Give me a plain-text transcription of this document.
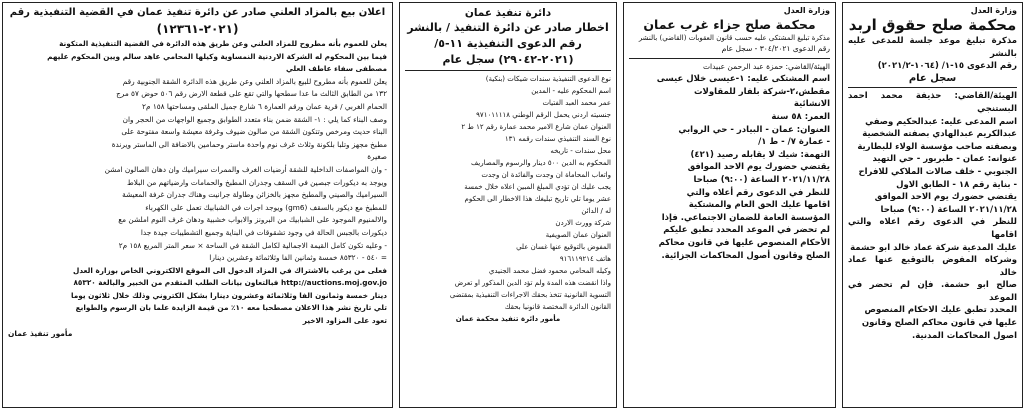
وزارة العدل
محكمة صلح حقوق اربد
مذكرة تبليغ موعد جلسة للمدعى عليه بالنشر
رقم الدعوى ١٥-١/ (١٠٦٤-٢٠٢١/٢)
سجل عام
الهيئة/القاضي: حذيفة محمد احمد البستنجي
اسم المدعى عليه: عبدالحكيم وصفي
عبدالكريم عبدالهادي بصفته الشخصية
وبصفته صاحب مؤسسة الولاء للبطارية
عنوانه: عمان - طبربور - حي التهيد
الجنوبي - خلف صالات الملاكي للافراح
- بناية رقم ١٨ - الطابق الاول
يقتضي حضورك يوم الاحد الموافق
٢٠٢١/١١/٢٨ الساعة (٩:٠٠) صباحا
للنظر في الدعوى رقم اعلاه والتي اقامها
عليك المدعية شركة عماد خالد ابو حشمة
وشركاه المفوض بالتوقيع عنها عماد خالد
صالح ابو حشمة. فإن لم تحضر في الموعد
المحدد تطبق عليك الاحكام المنصوص
عليها في قانون محاكم الصلح وقانون
اصول المحاكمات المدنية.
وزارة العدل
محكمة صلح جزاء غرب عمان
مذكرة تبليغ المشتكى عليه حسب قانون العقوبات (القاضي) بالنشر
رقم الدعوى ٣٠٤/٢٠٢١ - سجل عام
الهيئة/القاضي: حمزة عبد الرحمن عبيدات
اسم المشتكى عليه: ١-عيسى خلال عيسى
مقطش،٢-شركة بلفار للمقاولات
الانشائية
العمر: ٥٨ سنة
العنوان: عمان - البيادر - حي الروابي
- عمارة ٧/ - ط ١/
التهمة: شيك لا يقابله رصيد (٤٢١)
يقتضي حضورك يوم الاحد الموافق
٢٠٢١/١١/٢٨ الساعة (٩:٠٠) صباحا
للنظر في الدعوى رقم أعلاه والتي
اقامها عليك الحق العام والمشتكية
المؤسسة العامة للضمان الاجتماعي. فإذا
لم تحضر في الموعد المحدد تطبق عليكم
الأحكام المنصوص عليها في قانون محاكم
الصلح وقانون أصول المحاكمات الجزائية.
دائرة تنفيذ عمان
اخطار صادر عن دائرة التنفيذ / بالنشر
رقم الدعوى التنفيذية ١١-٥/
(٢٠٢١-٢٩٠٤٢) سجل عام
نوع الدعوى التنفيذية سندات شيكات (بنكية)
اسم المحكوم عليه - المدين
عمر محمد العبد الفتيات
جنسيته اردني يحمل الرقم الوطني ٩٧١٠١١١١٨
العنوان عمان شارع الامير محمد عمارة رقم ١٢ ط ٢
نوع السند التنفيذي سندات رقمه ١٣١
محل سندات - تاريخه
المحكوم به الدين ٥٠٠ دينار والرسوم والمصاريف
واتعاب المحاماة ان وجدت والفائدة ان وجدت
يجب عليك ان تؤدي المبلغ المبين اعلاه خلال خمسة
عشر يوما تلي تاريخ تبليغك هذا الاخطار الى الحكوم
له / الدائن
شركة وورث الاردن
العنوان عمان الصويفية
المفوض بالتوقيع عنها غسان علي
هاتف ٩١٦١١٩٢١٤
وكيله المحامي محمود فضل محمد الجنيدي
واذا انقضت هذه المدة ولم تؤد الدين المذكور او تعرض
التسوية القانونية تتخذ بحقك الاجراءات التنفيذية بمقتضى
القانون الدائرة المختصة قانونيا بحقك
مأمور دائرة تنفيذ محكمة عمان
اعلان بيع بالمزاد العلني صادر عن دائرة تنفيذ عمان في القضية التنفيذية رقم
(٢٠٢١-١٢٣٦١)
يعلن للعموم بأنه مطروح للمزاد العلني وعن طريق هذه الدائرة في القضية التنفيذية المتكونة
فيما بين المحكوم له الشركة الاردنية النمساوية وكيلها المحامي عاهد سالم ويين المحكوم عليهم
مصطفى سفاء عاطف العلي
يعلن للعموم بأنه مطروح للبيع بالمزاد العلني وعن طريق هذه الدائرة الشقة الجنوبية رقم
١٣٢ من الطابق الثالث ما عدا سطحها والتي تقع على قطعة الارض رقم ٥٠٦ حوض ٥٧ مرج
الحمام الغربي / قرية عمان ورقم العمارة ٦ شارع جميل الملقى ومساحتها ١٥٨ م٢
وصف البناء كما يلي : ١- الشقة ضمن بناء متعدد الطوابق وجميع الواجهات من الحجر وان
البناء حديث ومرخص وتتكون الشقة من صالون ضيوف وغرفة معيشة واسعة مفتوحة على
مطبخ مجهز وتلبا بلكونة وثلاث غرف نوم واحدة ماستر وحمامين بالاضافة الى الماستر ويرندة
صغيرة
- وان المواصفات الداخلية للشقة أرضيات الغرف والممرات سيراميك وان دهان الصالون امشن
ويوجد به ديكورات جبصين في السقف وجدران المطبخ والحمامات وارضياتهم من البلاط
السيراميك والصيني والمطبخ مجهز بالخزائن وطاولة جرانيت وهناك جدران غرفة المعيشة
للمطبخ مع ديكور بالسقف (gm6) ويوجد اجرات في الشبابيك تعمل على الكهرباء
والالمنيوم الموجود على الشبابيك من البرونز والابواب خشبية ودهان غرف النوم املشن مع
ديكورات بالجبس الحالة في وجود تشقوقات في البناية وجميع التشطيبات جيدة جدا
- وعليه تكون كامل القيمة الاجمالية لكامل الشقة في الساحة × سعر المتر المربع ١٥٨ م٢
= ٥٤٠ - ٨٥٣٢٠ خمسة وثمانين الفا وثلاثمائة وعشرين دينارا
فعلى من يرغب بالاشتراك في المزاد الدخول الى الموقع الالكتروني الخاص بوزارة العدل
http://auctions.moj.gov.jo فبالتعاون بيانات الطلب المتقدم من الخبير والبالغة ٨٥٣٢٠
دينار خمسة وثمانون الفا وثلاثمائة وعشرون دينارا بشكل الكتروني وذلك خلال ثلاثون يوما
تلي تاريخ نشر هذا الاعلان مصطحبا معه ١٠٪ من قيمة الزايدة علما بان الرسوم والطوابع
تعود على المزاود الاخير
مأمور تنفيذ عمان
